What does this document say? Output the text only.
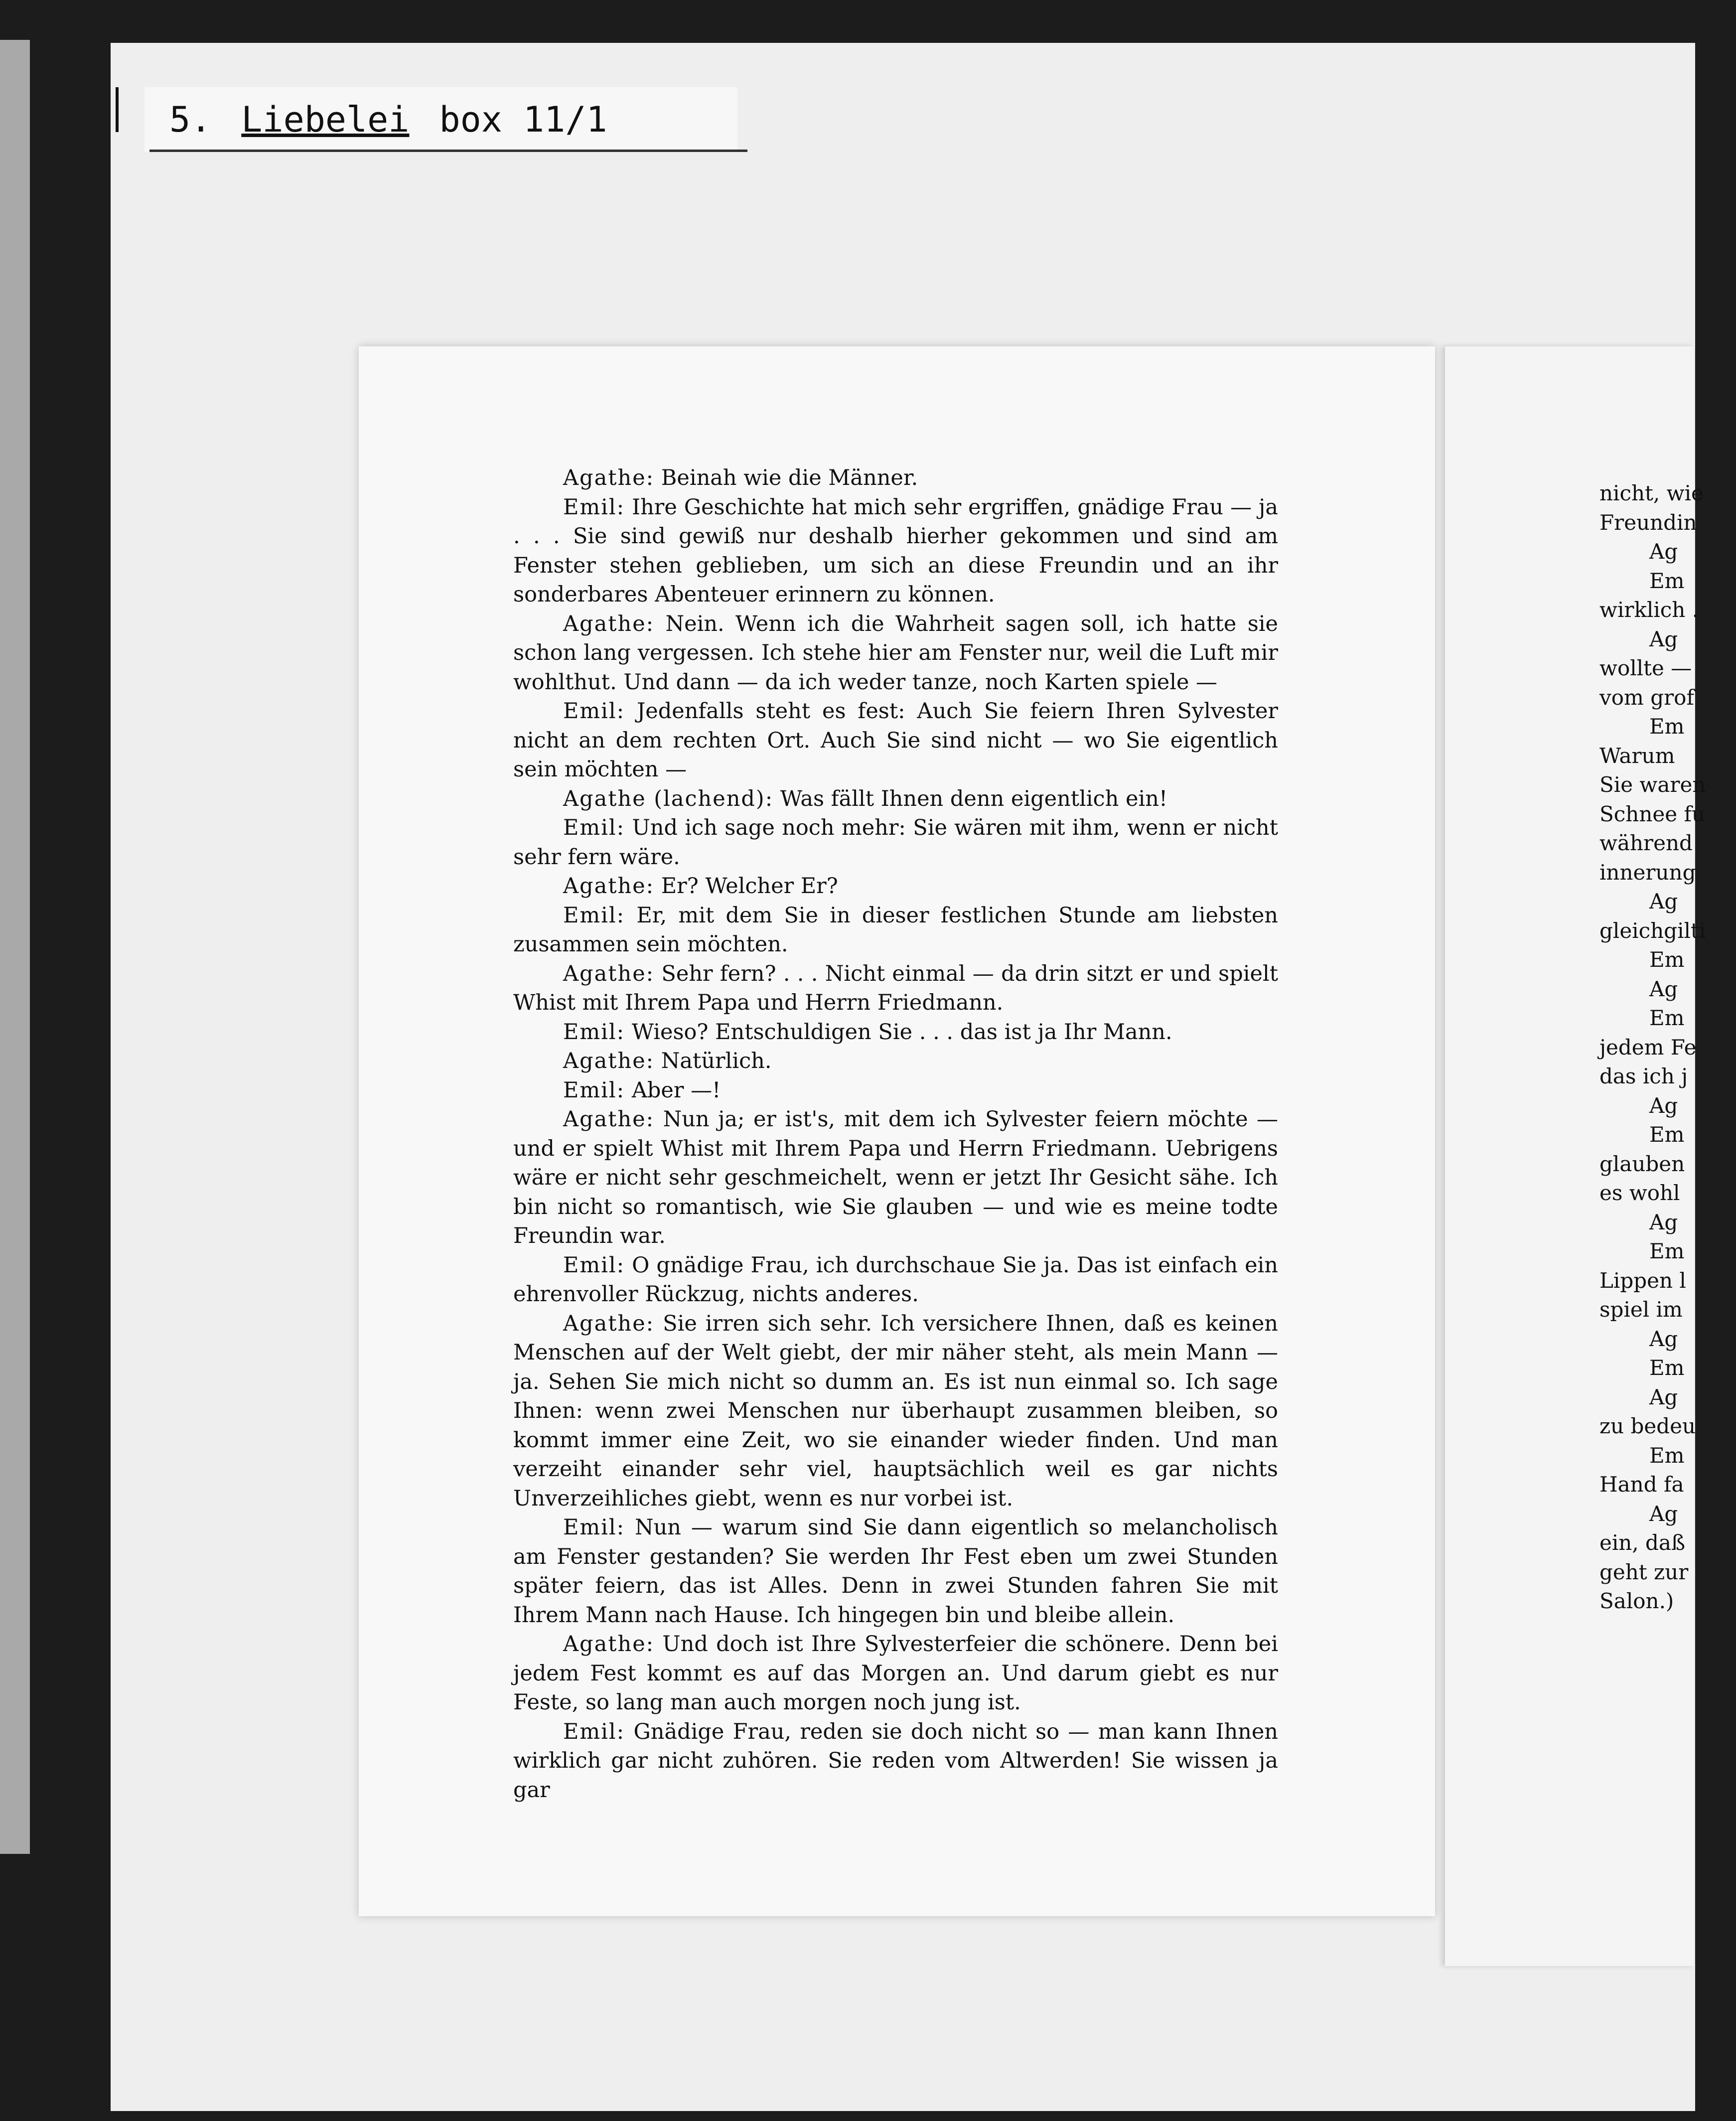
5. Liebelei box 11/1
nicht, wie
Freundin
Ag
Em
wirklich .
Ag
wollte —
vom grof
Em
Warum
Sie waren
Schnee fu
während
innerung
Ag
gleichgilti
Em
Ag
Em
jedem Fe
das ich j
Ag
Em
glauben
es wohl
Ag
Em
Lippen l
spiel im
Ag
Em
Ag
zu bedeu
Em
Hand fa
Ag
ein, daß
geht zur
Salon.)

Agathe: Beinah wie die Männer.

Emil: Ihre Geschichte hat mich sehr ergriffen, gnädige Frau — ja . . . Sie sind gewiß nur deshalb hierher gekommen und sind am Fenster stehen geblieben, um sich an diese Freundin und an ihr sonderbares Abenteuer erinnern zu können.

Agathe: Nein. Wenn ich die Wahrheit sagen soll, ich hatte sie schon lang vergessen. Ich stehe hier am Fenster nur, weil die Luft mir wohlthut. Und dann — da ich weder tanze, noch Karten spiele —

Emil: Jedenfalls steht es fest: Auch Sie feiern Ihren Sylvester nicht an dem rechten Ort. Auch Sie sind nicht — wo Sie eigentlich sein möchten —

Agathe (lachend): Was fällt Ihnen denn eigentlich ein!

Emil: Und ich sage noch mehr: Sie wären mit ihm, wenn er nicht sehr fern wäre.

Agathe: Er? Welcher Er?

Emil: Er, mit dem Sie in dieser festlichen Stunde am liebsten zusammen sein möchten.

Agathe: Sehr fern? . . . Nicht einmal — da drin sitzt er und spielt Whist mit Ihrem Papa und Herrn Friedmann.

Emil: Wieso? Entschuldigen Sie . . . das ist ja Ihr Mann.

Agathe: Natürlich.

Emil: Aber —!

Agathe: Nun ja; er ist's, mit dem ich Sylvester feiern möchte — und er spielt Whist mit Ihrem Papa und Herrn Friedmann. Uebrigens wäre er nicht sehr geschmeichelt, wenn er jetzt Ihr Gesicht sähe. Ich bin nicht so romantisch, wie Sie glauben — und wie es meine todte Freundin war.

Emil: O gnädige Frau, ich durchschaue Sie ja. Das ist einfach ein ehrenvoller Rückzug, nichts anderes.

Agathe: Sie irren sich sehr. Ich versichere Ihnen, daß es keinen Menschen auf der Welt giebt, der mir näher steht, als mein Mann — ja. Sehen Sie mich nicht so dumm an. Es ist nun einmal so. Ich sage Ihnen: wenn zwei Menschen nur überhaupt zusammen bleiben, so kommt immer eine Zeit, wo sie einander wieder finden. Und man verzeiht einander sehr viel, hauptsächlich weil es gar nichts Unverzeihliches giebt, wenn es nur vorbei ist.

Emil: Nun — warum sind Sie dann eigentlich so melancholisch am Fenster gestanden? Sie werden Ihr Fest eben um zwei Stunden später feiern, das ist Alles. Denn in zwei Stunden fahren Sie mit Ihrem Mann nach Hause. Ich hingegen bin und bleibe allein.

Agathe: Und doch ist Ihre Sylvesterfeier die schönere. Denn bei jedem Fest kommt es auf das Morgen an. Und darum giebt es nur Feste, so lang man auch morgen noch jung ist.

Emil: Gnädige Frau, reden sie doch nicht so — man kann Ihnen wirklich gar nicht zuhören. Sie reden vom Altwerden! Sie wissen ja gar
